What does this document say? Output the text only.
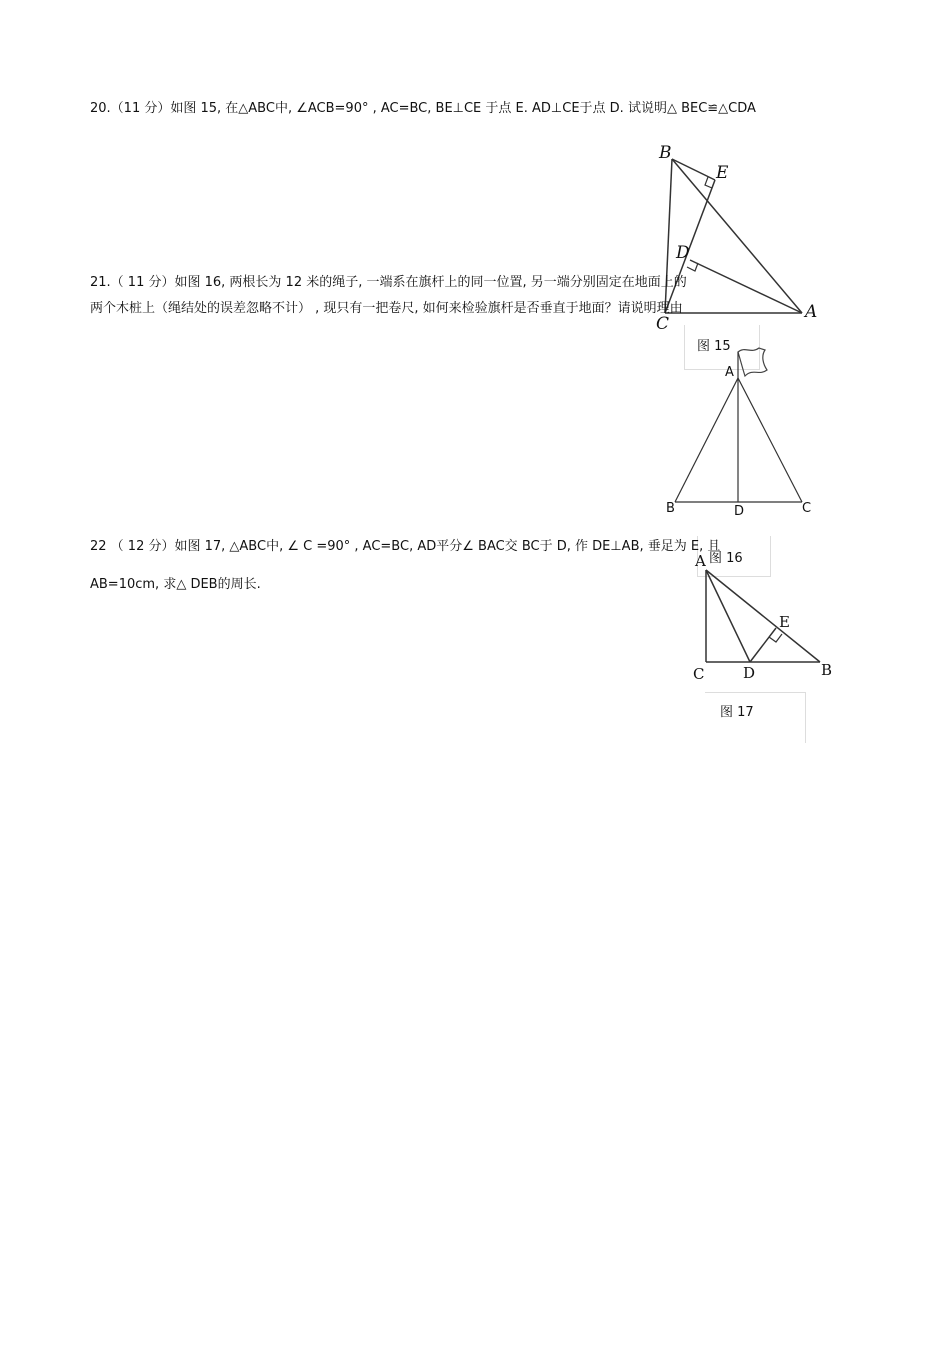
20.（11 分）如图 15, 在△ABC中, ∠ACB=90° , AC=BC, BE⊥CE 于点 E. AD⊥CE于点 D. 试说明△ BEC≌△CDA
B
E
D
C
A
图 15
21.（ 11 分）如图 16, 两根长为 12 米的绳子, 一端系在旗杆上的同一位置, 另一端分别固定在地面上的
两个木桩上（绳结处的误差忽略不计） , 现只有一把卷尺, 如何来检验旗杆是否垂直于地面？请说明理由
A
B	D	C
图 16
22 （ 12 分）如图 17, △ABC中, ∠ C =90° , AC=BC, AD平分∠ BAC交 BC于 D, 作 DE⊥AB, 垂足为 E, 且
AB=10cm, 求△ DEB的周长.
A
E
C	D	B
图 17
